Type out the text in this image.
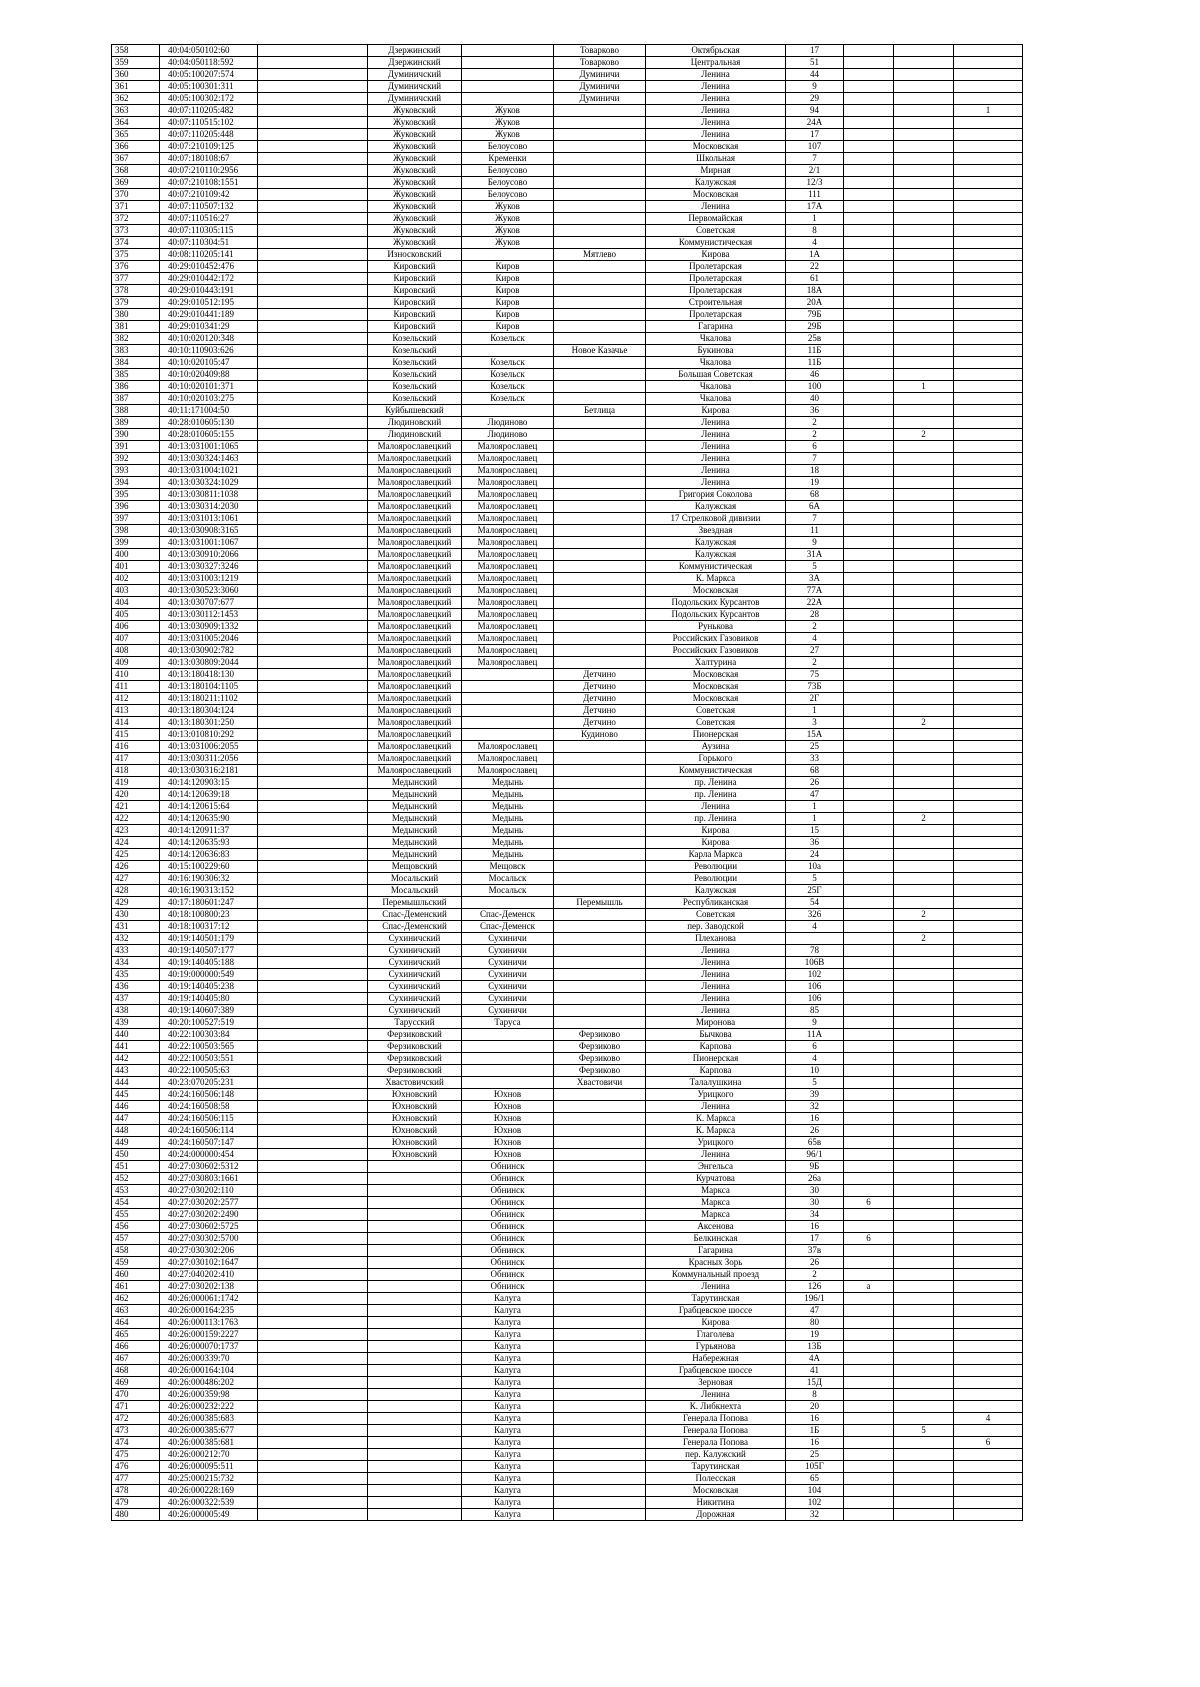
358	40:04:050102:60		Дзержинский		Товарково	Октябрьская	17			
359	40:04:050118:592		Дзержинский		Товарково	Центральная	51			
360	40:05:100207:574		Думиничский		Думиничи	Ленина	44			
361	40:05:100301:311		Думиничский		Думиничи	Ленина	9			
362	40:05:100302:172		Думиничский		Думиничи	Ленина	29			
363	40:07:110205:482		Жуковский	Жуков		Ленина	94			1
364	40:07:110515:102		Жуковский	Жуков		Ленина	24А			
365	40:07:110205:448		Жуковский	Жуков		Ленина	17			
366	40:07:210109:125		Жуковский	Белоусово		Московская	107			
367	40:07:180108:67		Жуковский	Кременки		Школьная	7			
368	40:07:210110:2956		Жуковский	Белоусово		Мирная	2/1			
369	40:07:210108:1551		Жуковский	Белоусово		Калужская	12/3			
370	40:07:210109:42		Жуковский	Белоусово		Московская	111			
371	40:07:110507:132		Жуковский	Жуков		Ленина	17А			
372	40:07:110516:27		Жуковский	Жуков		Первомайская	1			
373	40:07:110305:115		Жуковский	Жуков		Советская	8			
374	40:07:110304:51		Жуковский	Жуков		Коммунистическая	4			
375	40:08:110205:141		Износковский		Мятлево	Кирова	1А			
376	40:29:010452:476		Кировский	Киров		Пролетарская	22			
377	40:29:010442:172		Кировский	Киров		Пролетарская	61			
378	40:29:010443:191		Кировский	Киров		Пролетарская	18А			
379	40:29:010512:195		Кировский	Киров		Строительная	20А			
380	40:29:010441:189		Кировский	Киров		Пролетарская	79Б			
381	40:29:010341:29		Кировский	Киров		Гагарина	29Б			
382	40:10:020120:348		Козельский	Козельск		Чкалова	25в			
383	40:10:110903:626		Козельский		Новое Казачье	Букинова	11Б			
384	40:10:020105:47		Козельский	Козельск		Чкалова	11Б			
385	40:10:020409:88		Козельский	Козельск		Большая Советская	46			
386	40:10:020101:371		Козельский	Козельск		Чкалова	100		1	
387	40:10:020103:275		Козельский	Козельск		Чкалова	40			
388	40:11:171004:50		Куйбышевский		Бетлица	Кирова	36			
389	40:28:010605:130		Людиновский	Людиново		Ленина	2			
390	40:28:010605:155		Людиновский	Людиново		Ленина	2		2	
391	40:13:031001:1065		Малоярославецкий	Малоярославец		Ленина	6			
392	40:13:030324:1463		Малоярославецкий	Малоярославец		Ленина	7			
393	40:13:031004:1021		Малоярославецкий	Малоярославец		Ленина	18			
394	40:13:030324:1029		Малоярославецкий	Малоярославец		Ленина	19			
395	40:13:030811:1038		Малоярославецкий	Малоярославец		Григория Соколова	68			
396	40:13:030314:2030		Малоярославецкий	Малоярославец		Калужская	6А			
397	40:13:031013:1061		Малоярославецкий	Малоярославец		17 Стрелковой дивизии	7			
398	40:13:030908:3165		Малоярославецкий	Малоярославец		Звездная	11			
399	40:13:031001:1067		Малоярославецкий	Малоярославец		Калужская	9			
400	40:13:030910:2066		Малоярославецкий	Малоярославец		Калужская	31А			
401	40:13:030327:3246		Малоярославецкий	Малоярославец		Коммунистическая	5			
402	40:13:031003:1219		Малоярославецкий	Малоярославец		К. Маркса	3А			
403	40:13:030523:3060		Малоярославецкий	Малоярославец		Московская	77А			
404	40:13:030707:677		Малоярославецкий	Малоярославец		Подольских Курсантов	22А			
405	40:13:030112:1453		Малоярославецкий	Малоярославец		Подольских Курсантов	28			
406	40:13:030909:1332		Малоярославецкий	Малоярославец		Рунькова	2			
407	40:13:031005:2046		Малоярославецкий	Малоярославец		Российских Газовиков	4			
408	40:13:030902:782		Малоярославецкий	Малоярославец		Российских Газовиков	27			
409	40:13:030809:2044		Малоярославецкий	Малоярославец		Халтурина	2			
410	40:13:180418:130		Малоярославецкий		Детчино	Московская	75			
411	40:13:180104:1105		Малоярославецкий		Детчино	Московская	73Б			
412	40:13:180211:1102		Малоярославецкий		Детчино	Московская	2Г			
413	40:13:180304:124		Малоярославецкий		Детчино	Советская	1			
414	40:13:180301:250		Малоярославецкий		Детчино	Советская	3		2	
415	40:13:010810:292		Малоярославецкий		Кудиново	Пионерская	15А			
416	40:13:031006:2055		Малоярославецкий	Малоярославец		Аузина	25			
417	40:13:030311:2056		Малоярославецкий	Малоярославец		Горького	33			
418	40:13:030316:2181		Малоярославецкий	Малоярославец		Коммунистическая	68			
419	40:14:120903:15		Медынский	Медынь		пр. Ленина	26			
420	40:14:120639:18		Медынский	Медынь		пр. Ленина	47			
421	40:14:120615:64		Медынский	Медынь		Ленина	1			
422	40:14:120635:90		Медынский	Медынь		пр. Ленина	1		2	
423	40:14:120911:37		Медынский	Медынь		Кирова	15			
424	40:14:120635:93		Медынский	Медынь		Кирова	36			
425	40:14:120636:83		Медынский	Медынь		Карла Маркса	24			
426	40:15:100229:60		Мещовский	Мещовск		Революции	10а			
427	40:16:190306:32		Мосальский	Мосальск		Революции	5			
428	40:16:190313:152		Мосальский	Мосальск		Калужская	25Г			
429	40:17:180601:247		Перемышльский		Перемышль	Республиканская	54			
430	40:18:100800:23		Спас-Деменский	Спас-Деменск		Советская	326		2	
431	40:18:100317:12		Спас-Деменский	Спас-Деменск		пер. Заводской	4			
432	40:19:140501:179		Сухиничский	Сухиничи		Плеханова			2	
433	40:19:140507:177		Сухиничский	Сухиничи		Ленина	78			
434	40:19:140405:188		Сухиничский	Сухиничи		Ленина	106В			
435	40:19:000000:549		Сухиничский	Сухиничи		Ленина	102			
436	40:19:140405:238		Сухиничский	Сухиничи		Ленина	106			
437	40:19:140405:80		Сухиничский	Сухиничи		Ленина	106			
438	40:19:140607:389		Сухиничский	Сухиничи		Ленина	85			
439	40:20:100527:519		Тарусский	Таруса		Миронова	9			
440	40:22:100303:84		Ферзиковский		Ферзиково	Бычкова	11А			
441	40:22:100503:565		Ферзиковский		Ферзиково	Карпова	6			
442	40:22:100503:551		Ферзиковский		Ферзиково	Пионерская	4			
443	40:22:100505:63		Ферзиковский		Ферзиково	Карпова	10			
444	40:23:070205:231		Хвастовичский		Хвастовичи	Талалушкина	5			
445	40:24:160506:148		Юхновский	Юхнов		Урицкого	39			
446	40:24:160508:58		Юхновский	Юхнов		Ленина	32			
447	40:24:160506:115		Юхновский	Юхнов		К. Маркса	16			
448	40:24:160506:114		Юхновский	Юхнов		К. Маркса	26			
449	40:24:160507:147		Юхновский	Юхнов		Урицкого	65в			
450	40:24:000000:454		Юхновский	Юхнов		Ленина	96/1			
451	40:27:030602:5312			Обнинск		Энгельса	9Б			
452	40:27:030803:1661			Обнинск		Курчатова	26а			
453	40:27:030202:110			Обнинск		Маркса	30			
454	40:27:030202:2577			Обнинск		Маркса	30	6		
455	40:27:030202:2490			Обнинск		Маркса	34			
456	40:27:030602:5725			Обнинск		Аксенова	16			
457	40:27:030302:5700			Обнинск		Белкинская	17	6		
458	40:27:030302:206			Обнинск		Гагарина	37в			
459	40:27:030102:1647			Обнинск		Красных Зорь	26			
460	40:27:040202:410			Обнинск		Коммунальный проезд	2			
461	40:27:030202:138			Обнинск		Ленина	126	а		
462	40:26:000061:1742			Калуга		Тарутинская	196/1			
463	40:26:000164:235			Калуга		Грабцевское шоссе	47			
464	40:26:000113:1763			Калуга		Кирова	80			
465	40:26:000159:2227			Калуга		Глаголева	19			
466	40:26:000070:1737			Калуга		Гурьянова	13Б			
467	40:26:000339:70			Калуга		Набережная	4А			
468	40:26:000164:104			Калуга		Грабцевское шоссе	41			
469	40:26:000486:202			Калуга		Зерновая	15Д			
470	40:26:000359:98			Калуга		Ленина	8			
471	40:26:000232:222			Калуга		К. Либкнехта	20			
472	40:26:000385:683			Калуга		Генерала Попова	16			4
473	40:26:000385:677			Калуга		Генерала Попова	1Б		5	
474	40:26:000385:681			Калуга		Генерала Попова	16			6
475	40:26:000212:70			Калуга		пер. Калужский	25			
476	40:26:000095:511			Калуга		Тарутинская	105Г			
477	40:25:000215:732			Калуга		Полесская	65			
478	40:26:000228:169			Калуга		Московская	104			
479	40:26:000322:539			Калуга		Никитина	102			
480	40:26:000005:49			Калуга		Дорожная	32			
